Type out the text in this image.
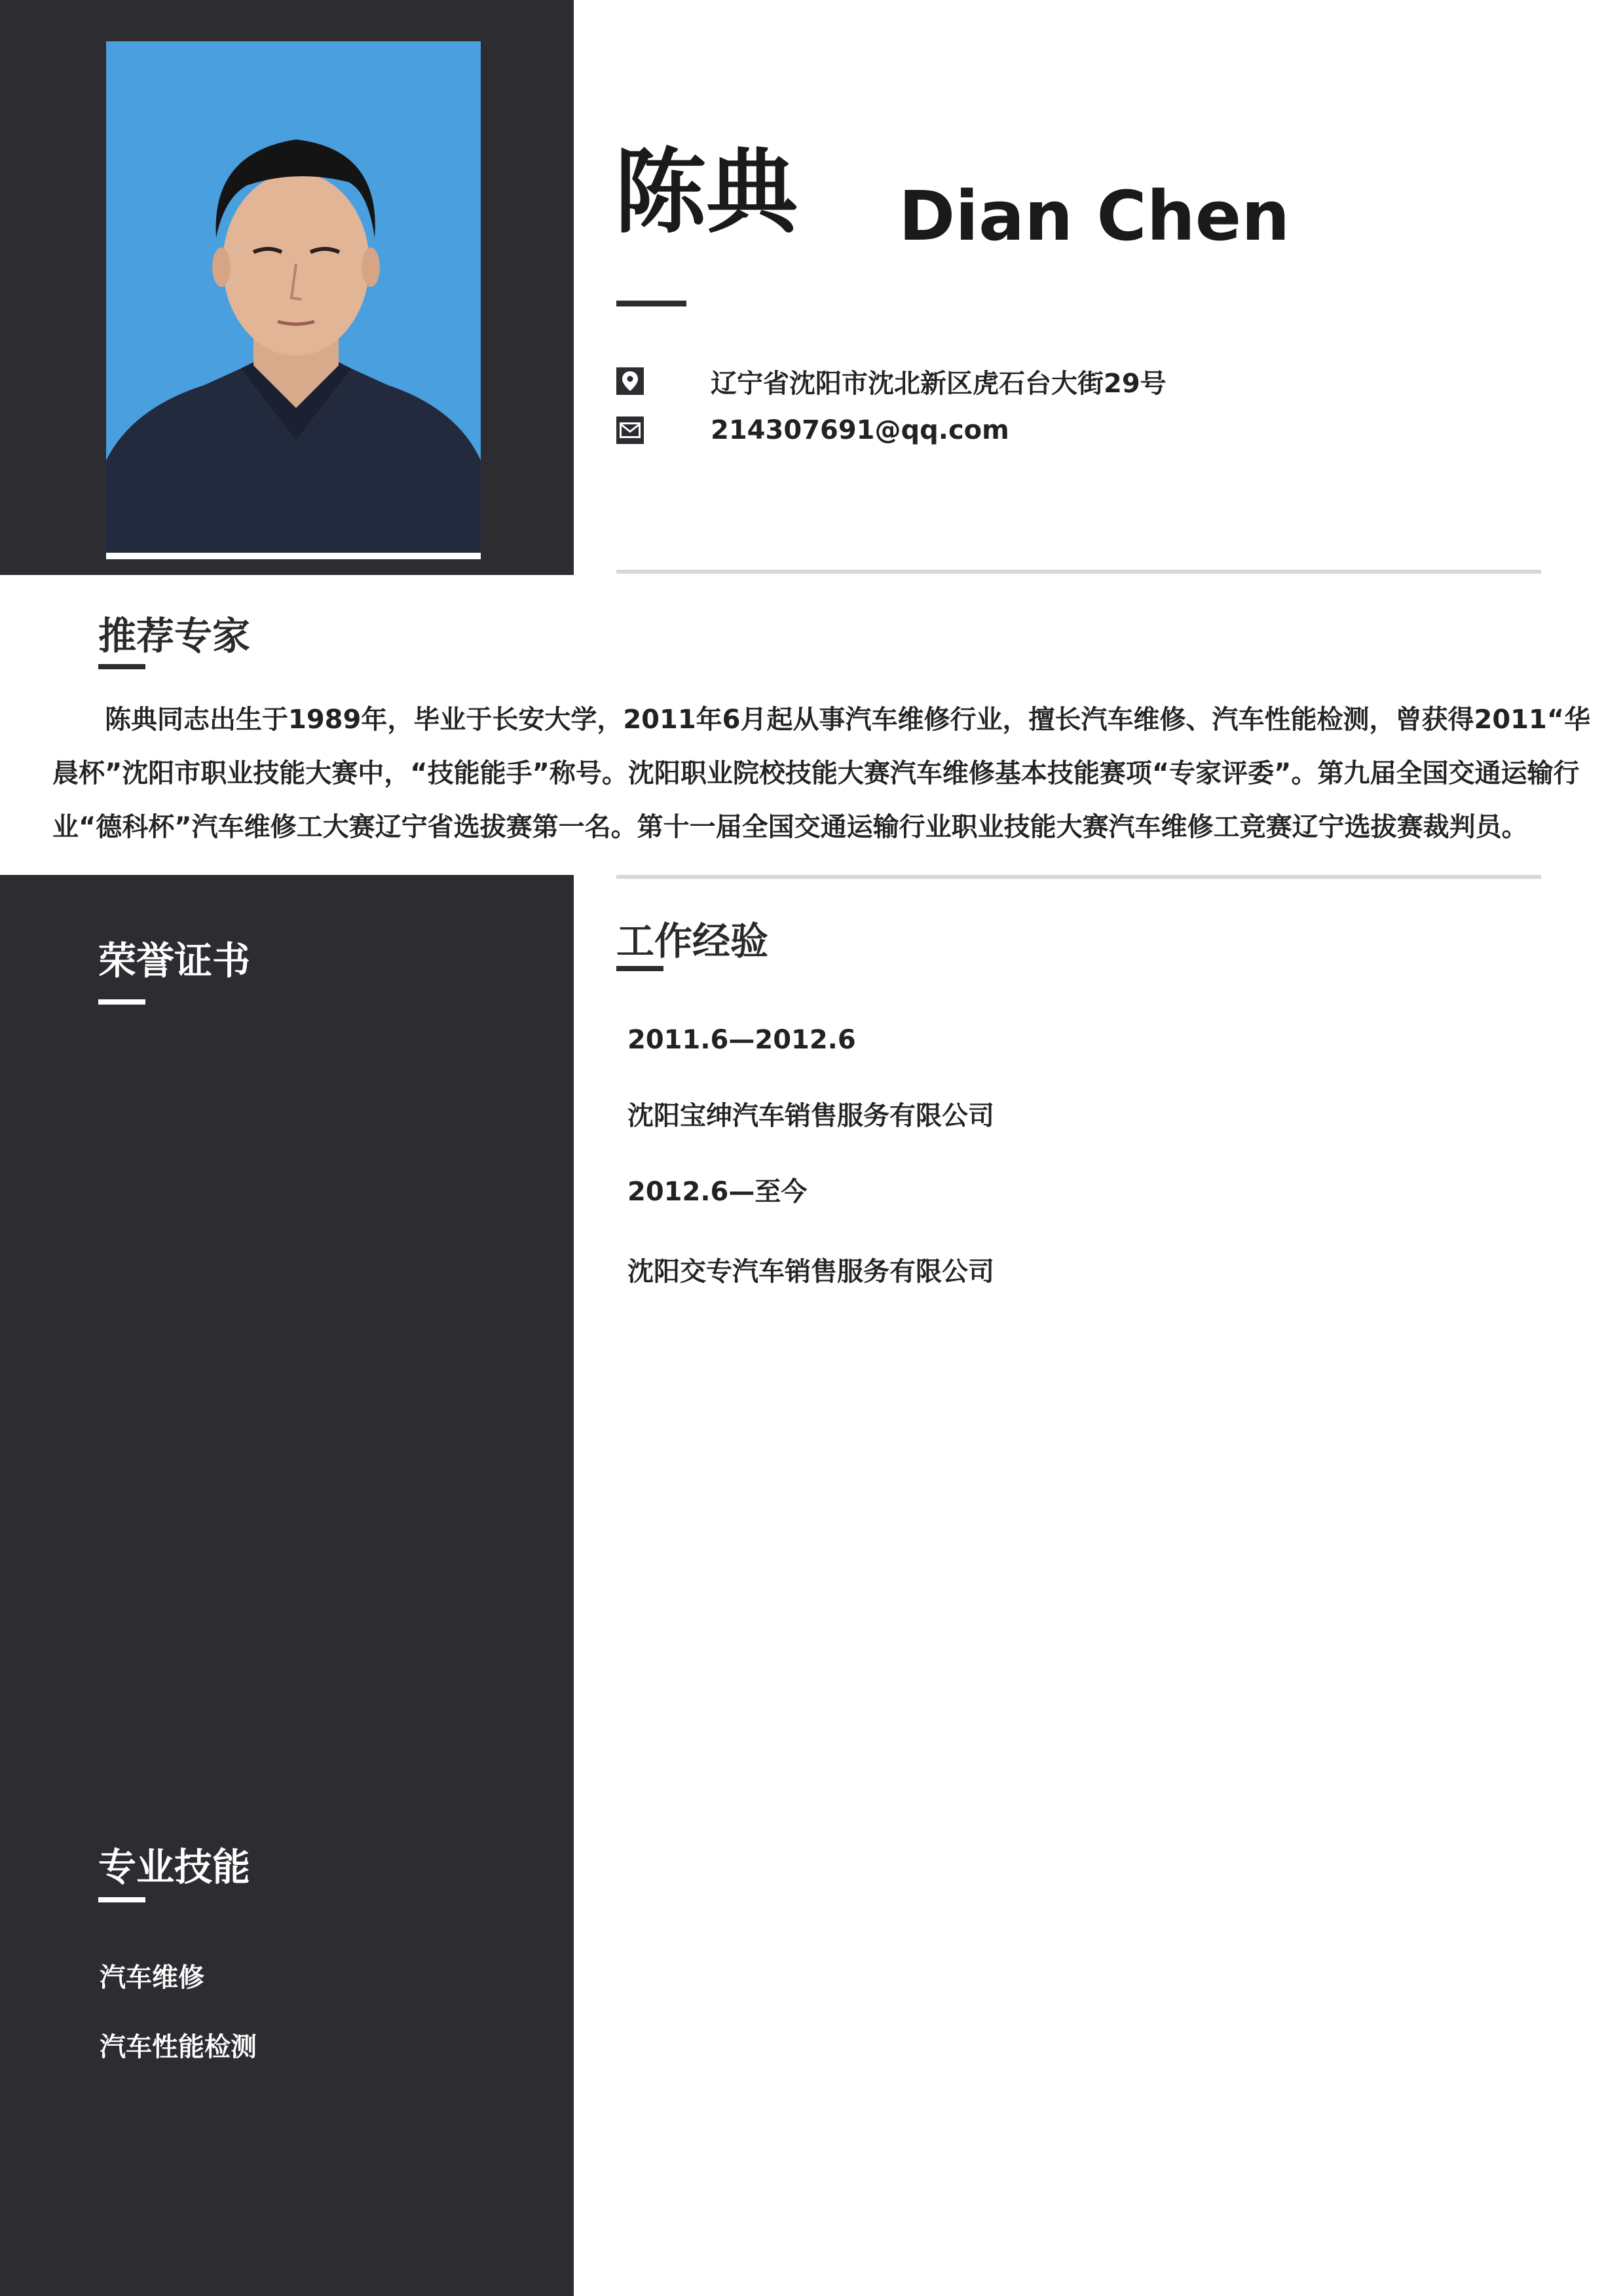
陈典 Dian Chen
辽宁省沈阳市沈北新区虎石台大街29号
214307691@qq.com
推荐专家
陈典同志出生于1989年，毕业于长安大学，2011年6月起从事汽车维修行业，擅长汽车维修、汽车性能检测，曾获得2011“华晨杯”沈阳市职业技能大赛中，“技能能手”称号。沈阳职业院校技能大赛汽车维修基本技能赛项“专家评委”。第九届全国交通运输行业“德科杯”汽车维修工大赛辽宁省选拔赛第一名。第十一届全国交通运输行业职业技能大赛汽车维修工竞赛辽宁选拔赛裁判员。
荣誉证书
专业技能
汽车维修
汽车性能检测
工作经验
2011.6—2012.6
沈阳宝绅汽车销售服务有限公司
2012.6—至今
沈阳交专汽车销售服务有限公司
